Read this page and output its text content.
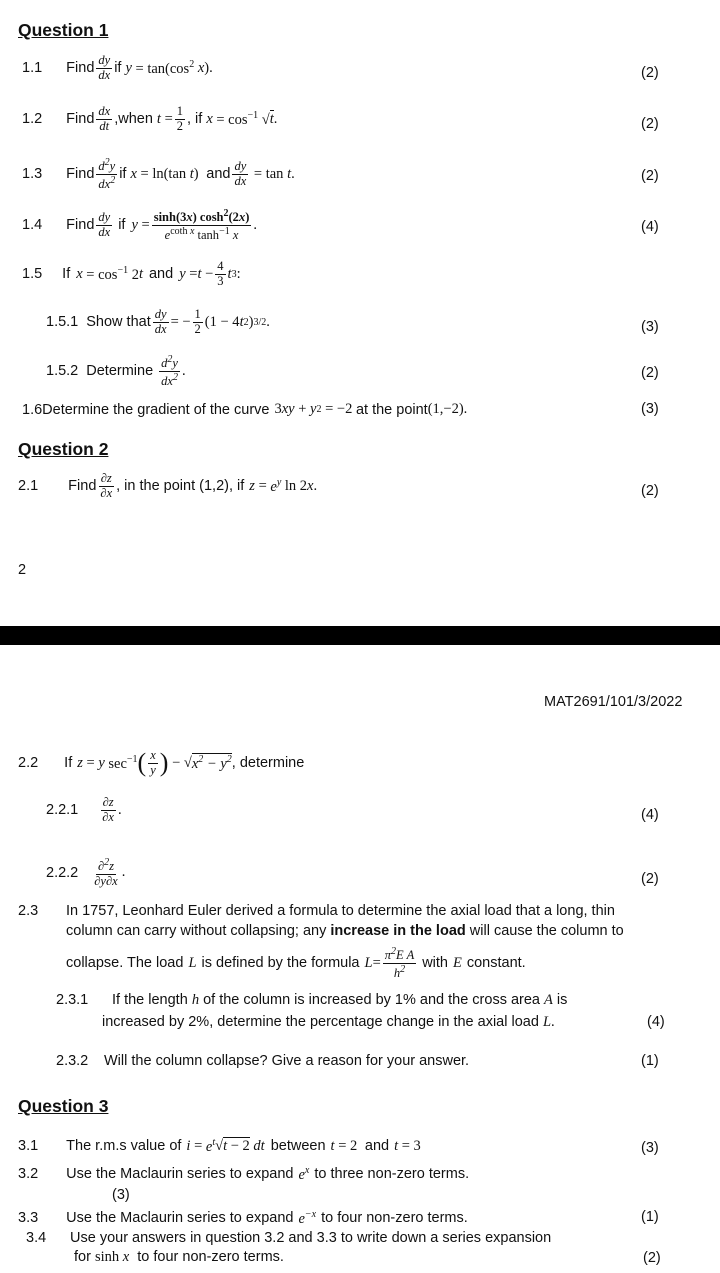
Question 1
1.1 Find $\frac{dy}{dx}$ if $y = \tan(\cos^2$ x ).	(2)
1.2 Find $\frac{dx}{dt}$ ,when $t = \frac{1}{2}$ , if $x = \cos^{-1}$ √ t .	(2)
1.3 Find $\frac{d^2y}{dx^2}$ if x = ln(tan t ) and $\frac{dy}{dx} = \tan t$ .	(2)
1.4 Find $\frac{dy}{dx}$ if $y = \frac{\sinh(3x) \cosh^2(2x)}{e^{coth x} \tanh^{-1} x}$ .	(4)
1.5 If $x = \cos^{-1} 2$ t and $y = t - \frac{4}{3}$ t 3 :
1.5.1 Show that $\frac{dy}{dx}$ = − $\frac{1}{2} (1 - 4$ t 2 ) 3/2 .	(3)
1.5.2 Determine $\frac{d^2y}{dx^2}$ .	(2)
1.6 Determine the gradient of the curve 3 xy + y 2 = −2 at the point (1,−2).	(3)
Question 2
2.1 Find $\frac{\partial z}{\partial x}$ , in the point (1,2), if $z = e^y$ ln 2 x .	(2)
2
MAT2691/101/3/2022
2.2 If z = y $\sec^{-1}$ ( $\frac{x}{y}$ ) − √ $x^2 - y^2$ , determine
$2.2.1 \frac{\partial z}{\partial x}$ .	(4)
$2.2.2 \frac{\partial^2z}{\partial y\partial x}$ .	(2)
2.3 In 1757, Leonhard Euler derived a formula to determine the axial load that a long, thin
column can carry without collapsing; any increase in the load will cause the column to
collapse. The load L is defined by the formula $L = \frac{\pi^2E A}{h^2}$ with E constant.
2.3.1 If the length h of the column is increased by 1% and the cross area A is
increased by 2%, determine the percentage change in the axial load L.	(4)
2.3.2 Will the column collapse? Give a reason for your answer.	(1)
Question 3
3.1 The r.m.s value of $i = e^t$ √ t − 2 dt between t = 2 and t = 3	(3)
3.2 Use the Maclaurin series to expand $e^x$ to three non-zero terms.
(3)
3.3 Use the Maclaurin series to expand $e^{-x}$ to four non-zero terms.	(1)
3.4 Use your answers in question 3.2 and 3.3 to write down a series expansion
for sinh x to four non-zero terms.	(2)
